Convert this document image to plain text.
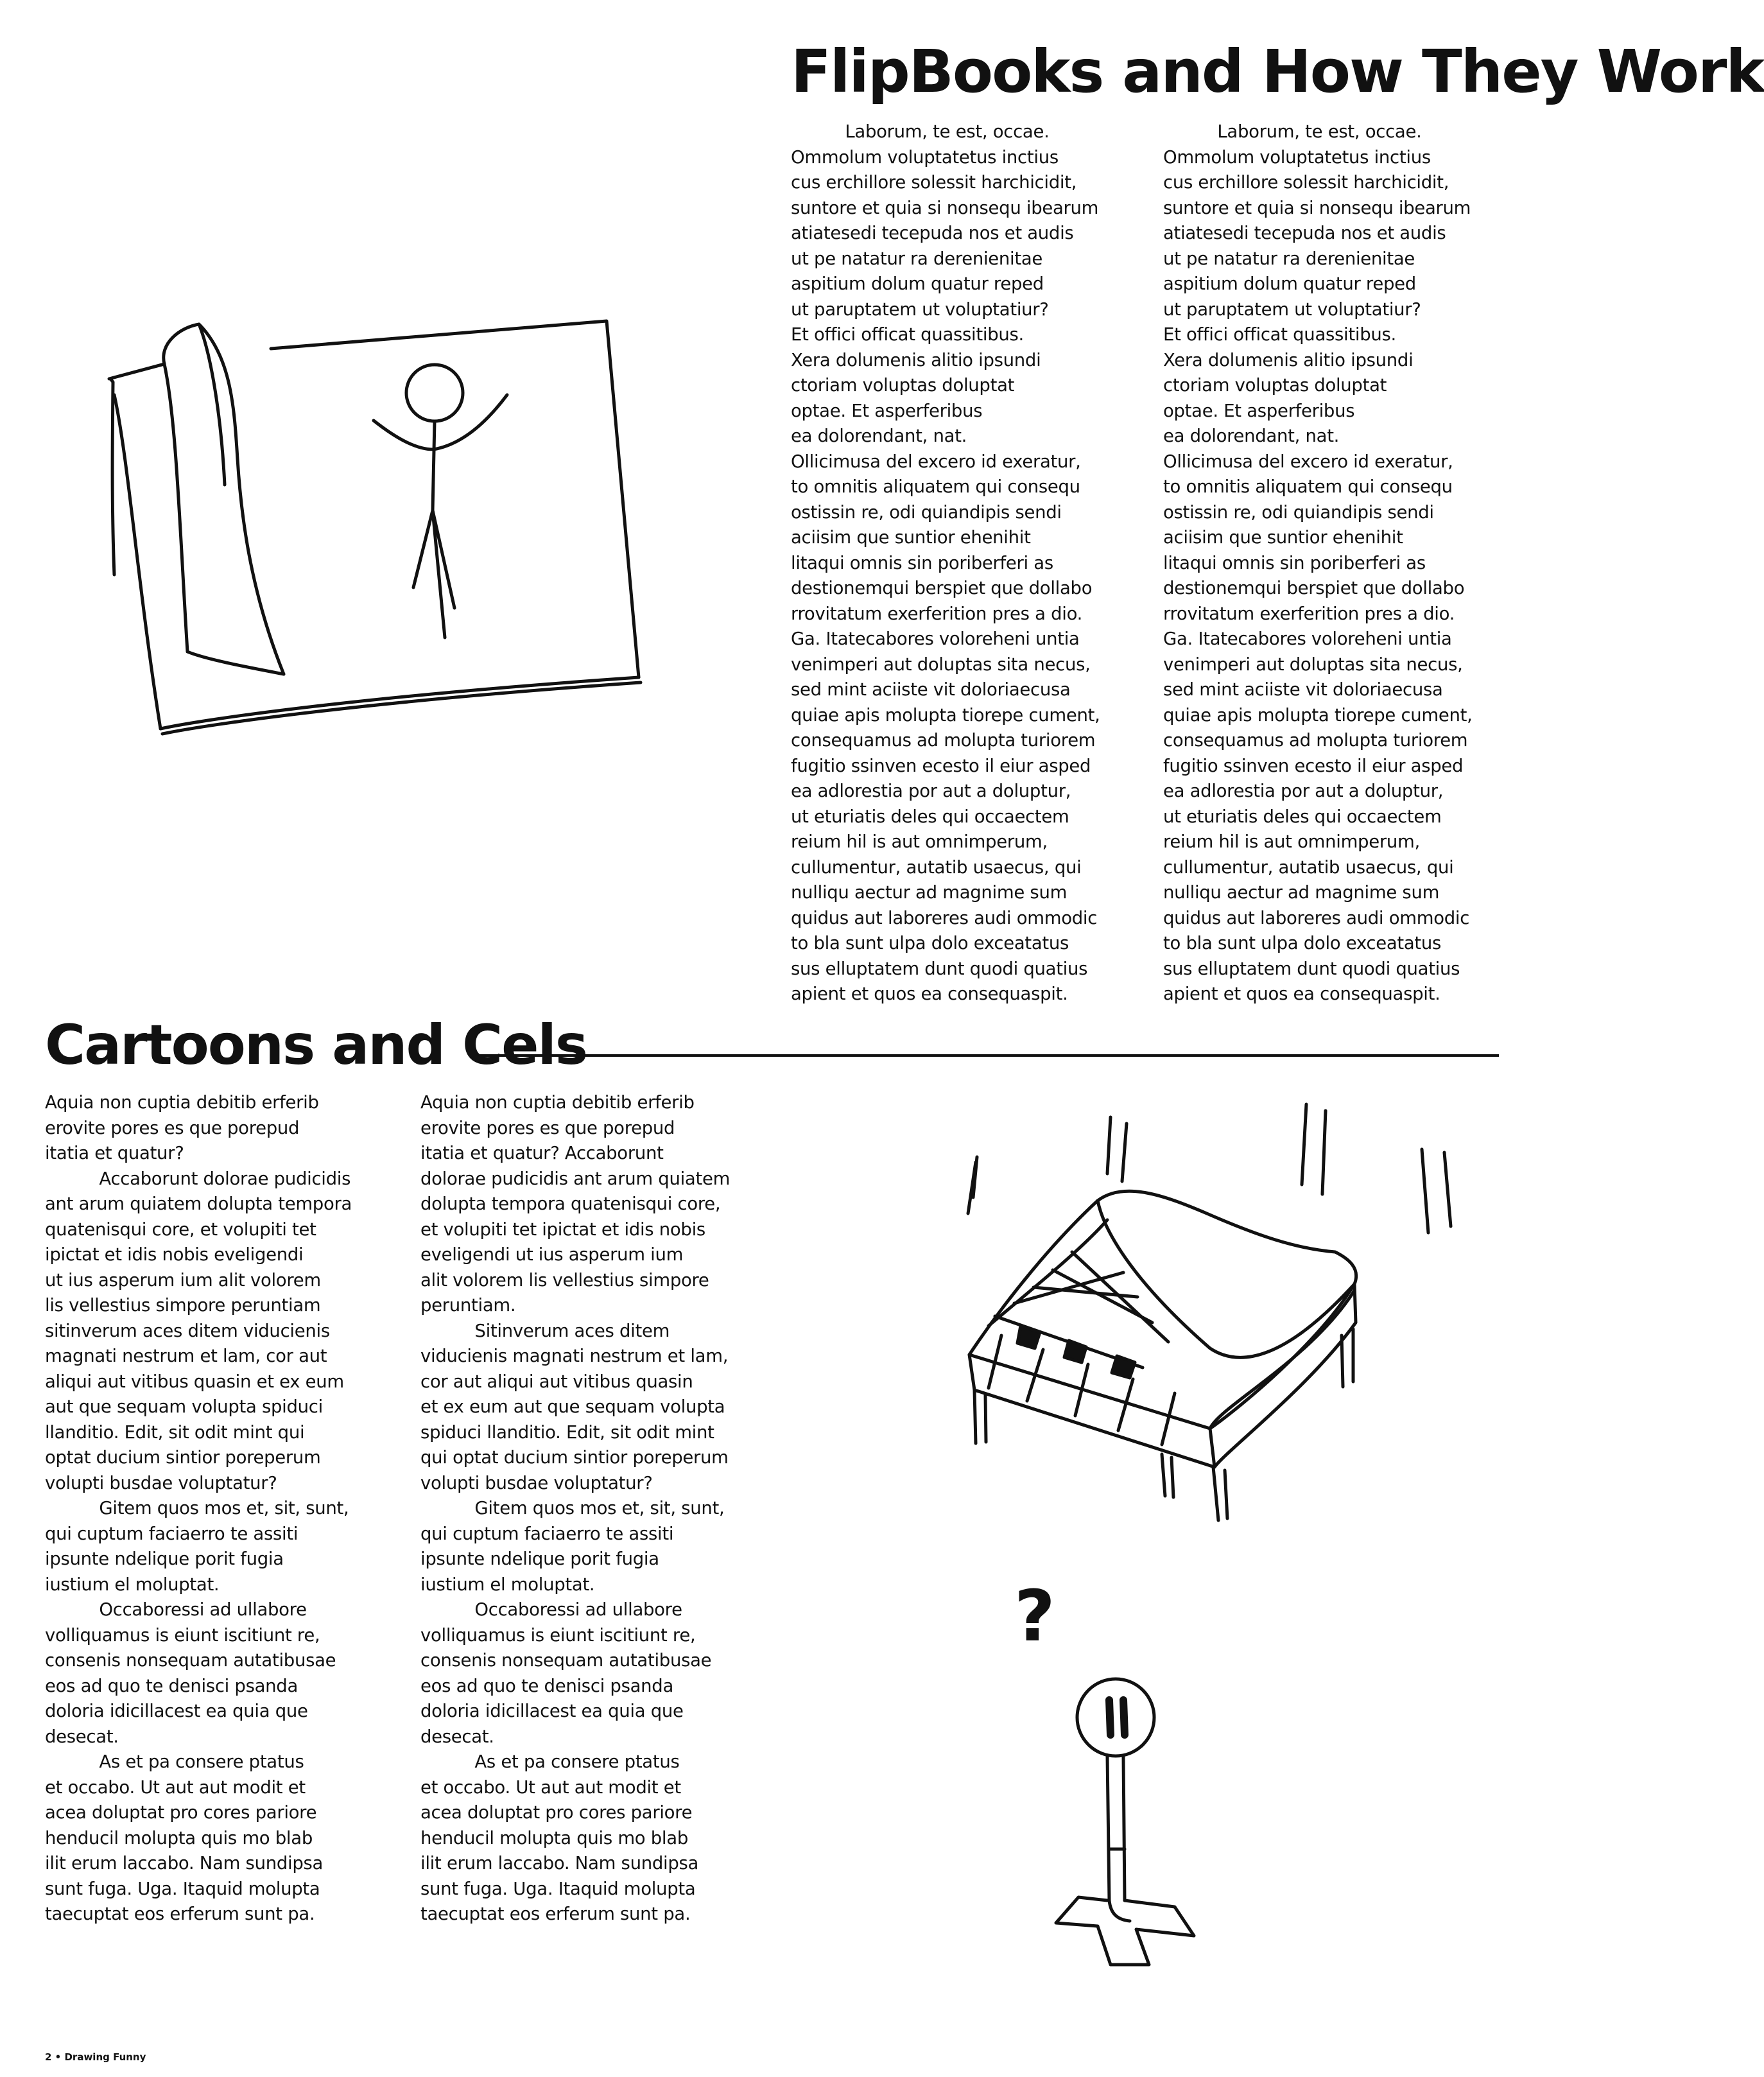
FlipBooks and How They Work

Laborum, te est, occae.
Ommolum voluptatetus inctius
cus erchillore solessit harchicidit,
suntore et quia si nonsequ ibearum
atiatesedi tecepuda nos et audis
ut pe natatur ra derenienitae
aspitium dolum quatur reped
ut paruptatem ut voluptatiur?
Et offici officat quassitibus.
Xera dolumenis alitio ipsundi
ctoriam voluptas doluptat
optae. Et asperferibus
ea dolorendant, nat.
Ollicimusa del excero id exeratur,
to omnitis aliquatem qui consequ
ostissin re, odi quiandipis sendi
aciisim que suntior ehenihit
litaqui omnis sin poriberferi as
destionemqui berspiet que dollabo
rrovitatum exerferition pres a dio.
Ga. Itatecabores voloreheni untia
venimperi aut doluptas sita necus,
sed mint aciiste vit doloriaecusa
quiae apis molupta tiorepe cument,
consequamus ad molupta turiorem
fugitio ssinven ecesto il eiur asped
ea adlorestia por aut a doluptur,
ut eturiatis deles qui occaectem
reium hil is aut omnimperum,
cullumentur, autatib usaecus, qui
nulliqu aectur ad magnime sum
quidus aut laboreres audi ommodic
to bla sunt ulpa dolo exceatatus
sus elluptatem dunt quodi quatius
apient et quos ea consequaspit.

Laborum, te est, occae.
Ommolum voluptatetus inctius
cus erchillore solessit harchicidit,
suntore et quia si nonsequ ibearum
atiatesedi tecepuda nos et audis
ut pe natatur ra derenienitae
aspitium dolum quatur reped
ut paruptatem ut voluptatiur?
Et offici officat quassitibus.
Xera dolumenis alitio ipsundi
ctoriam voluptas doluptat
optae. Et asperferibus
ea dolorendant, nat.
Ollicimusa del excero id exeratur,
to omnitis aliquatem qui consequ
ostissin re, odi quiandipis sendi
aciisim que suntior ehenihit
litaqui omnis sin poriberferi as
destionemqui berspiet que dollabo
rrovitatum exerferition pres a dio.
Ga. Itatecabores voloreheni untia
venimperi aut doluptas sita necus,
sed mint aciiste vit doloriaecusa
quiae apis molupta tiorepe cument,
consequamus ad molupta turiorem
fugitio ssinven ecesto il eiur asped
ea adlorestia por aut a doluptur,
ut eturiatis deles qui occaectem
reium hil is aut omnimperum,
cullumentur, autatib usaecus, qui
nulliqu aectur ad magnime sum
quidus aut laboreres audi ommodic
to bla sunt ulpa dolo exceatatus
sus elluptatem dunt quodi quatius
apient et quos ea consequaspit.

Cartoons and Cels

Aquia non cuptia debitib erferib
erovite pores es que porepud
itatia et quatur?
Accaborunt dolorae pudicidis
ant arum quiatem dolupta tempora
quatenisqui core, et volupiti tet
ipictat et idis nobis eveligendi
ut ius asperum ium alit volorem
lis vellestius simpore peruntiam
sitinverum aces ditem viducienis
magnati nestrum et lam, cor aut
aliqui aut vitibus quasin et ex eum
aut que sequam volupta spiduci
llanditio. Edit, sit odit mint qui
optat ducium sintior poreperum
volupti busdae voluptatur?
Gitem quos mos et, sit, sunt,
qui cuptum faciaerro te assiti
ipsunte ndelique porit fugia
iustium el moluptat.
Occaboressi ad ullabore
volliquamus is eiunt iscitiunt re,
consenis nonsequam autatibusae
eos ad quo te denisci psanda
doloria idicillacest ea quia que
desecat.
As et pa consere ptatus
et occabo. Ut aut aut modit et
acea doluptat pro cores pariore
henducil molupta quis mo blab
ilit erum laccabo. Nam sundipsa
sunt fuga. Uga. Itaquid molupta
taecuptat eos erferum sunt pa.

Aquia non cuptia debitib erferib
erovite pores es que porepud
itatia et quatur? Accaborunt
dolorae pudicidis ant arum quiatem
dolupta tempora quatenisqui core,
et volupiti tet ipictat et idis nobis
eveligendi ut ius asperum ium
alit volorem lis vellestius simpore
peruntiam.
Sitinverum aces ditem
viducienis magnati nestrum et lam,
cor aut aliqui aut vitibus quasin
et ex eum aut que sequam volupta
spiduci llanditio. Edit, sit odit mint
qui optat ducium sintior poreperum
volupti busdae voluptatur?
Gitem quos mos et, sit, sunt,
qui cuptum faciaerro te assiti
ipsunte ndelique porit fugia
iustium el moluptat.
Occaboressi ad ullabore
volliquamus is eiunt iscitiunt re,
consenis nonsequam autatibusae
eos ad quo te denisci psanda
doloria idicillacest ea quia que
desecat.
As et pa consere ptatus
et occabo. Ut aut aut modit et
acea doluptat pro cores pariore
henducil molupta quis mo blab
ilit erum laccabo. Nam sundipsa
sunt fuga. Uga. Itaquid molupta
taecuptat eos erferum sunt pa.

?
2 • Drawing Funny
